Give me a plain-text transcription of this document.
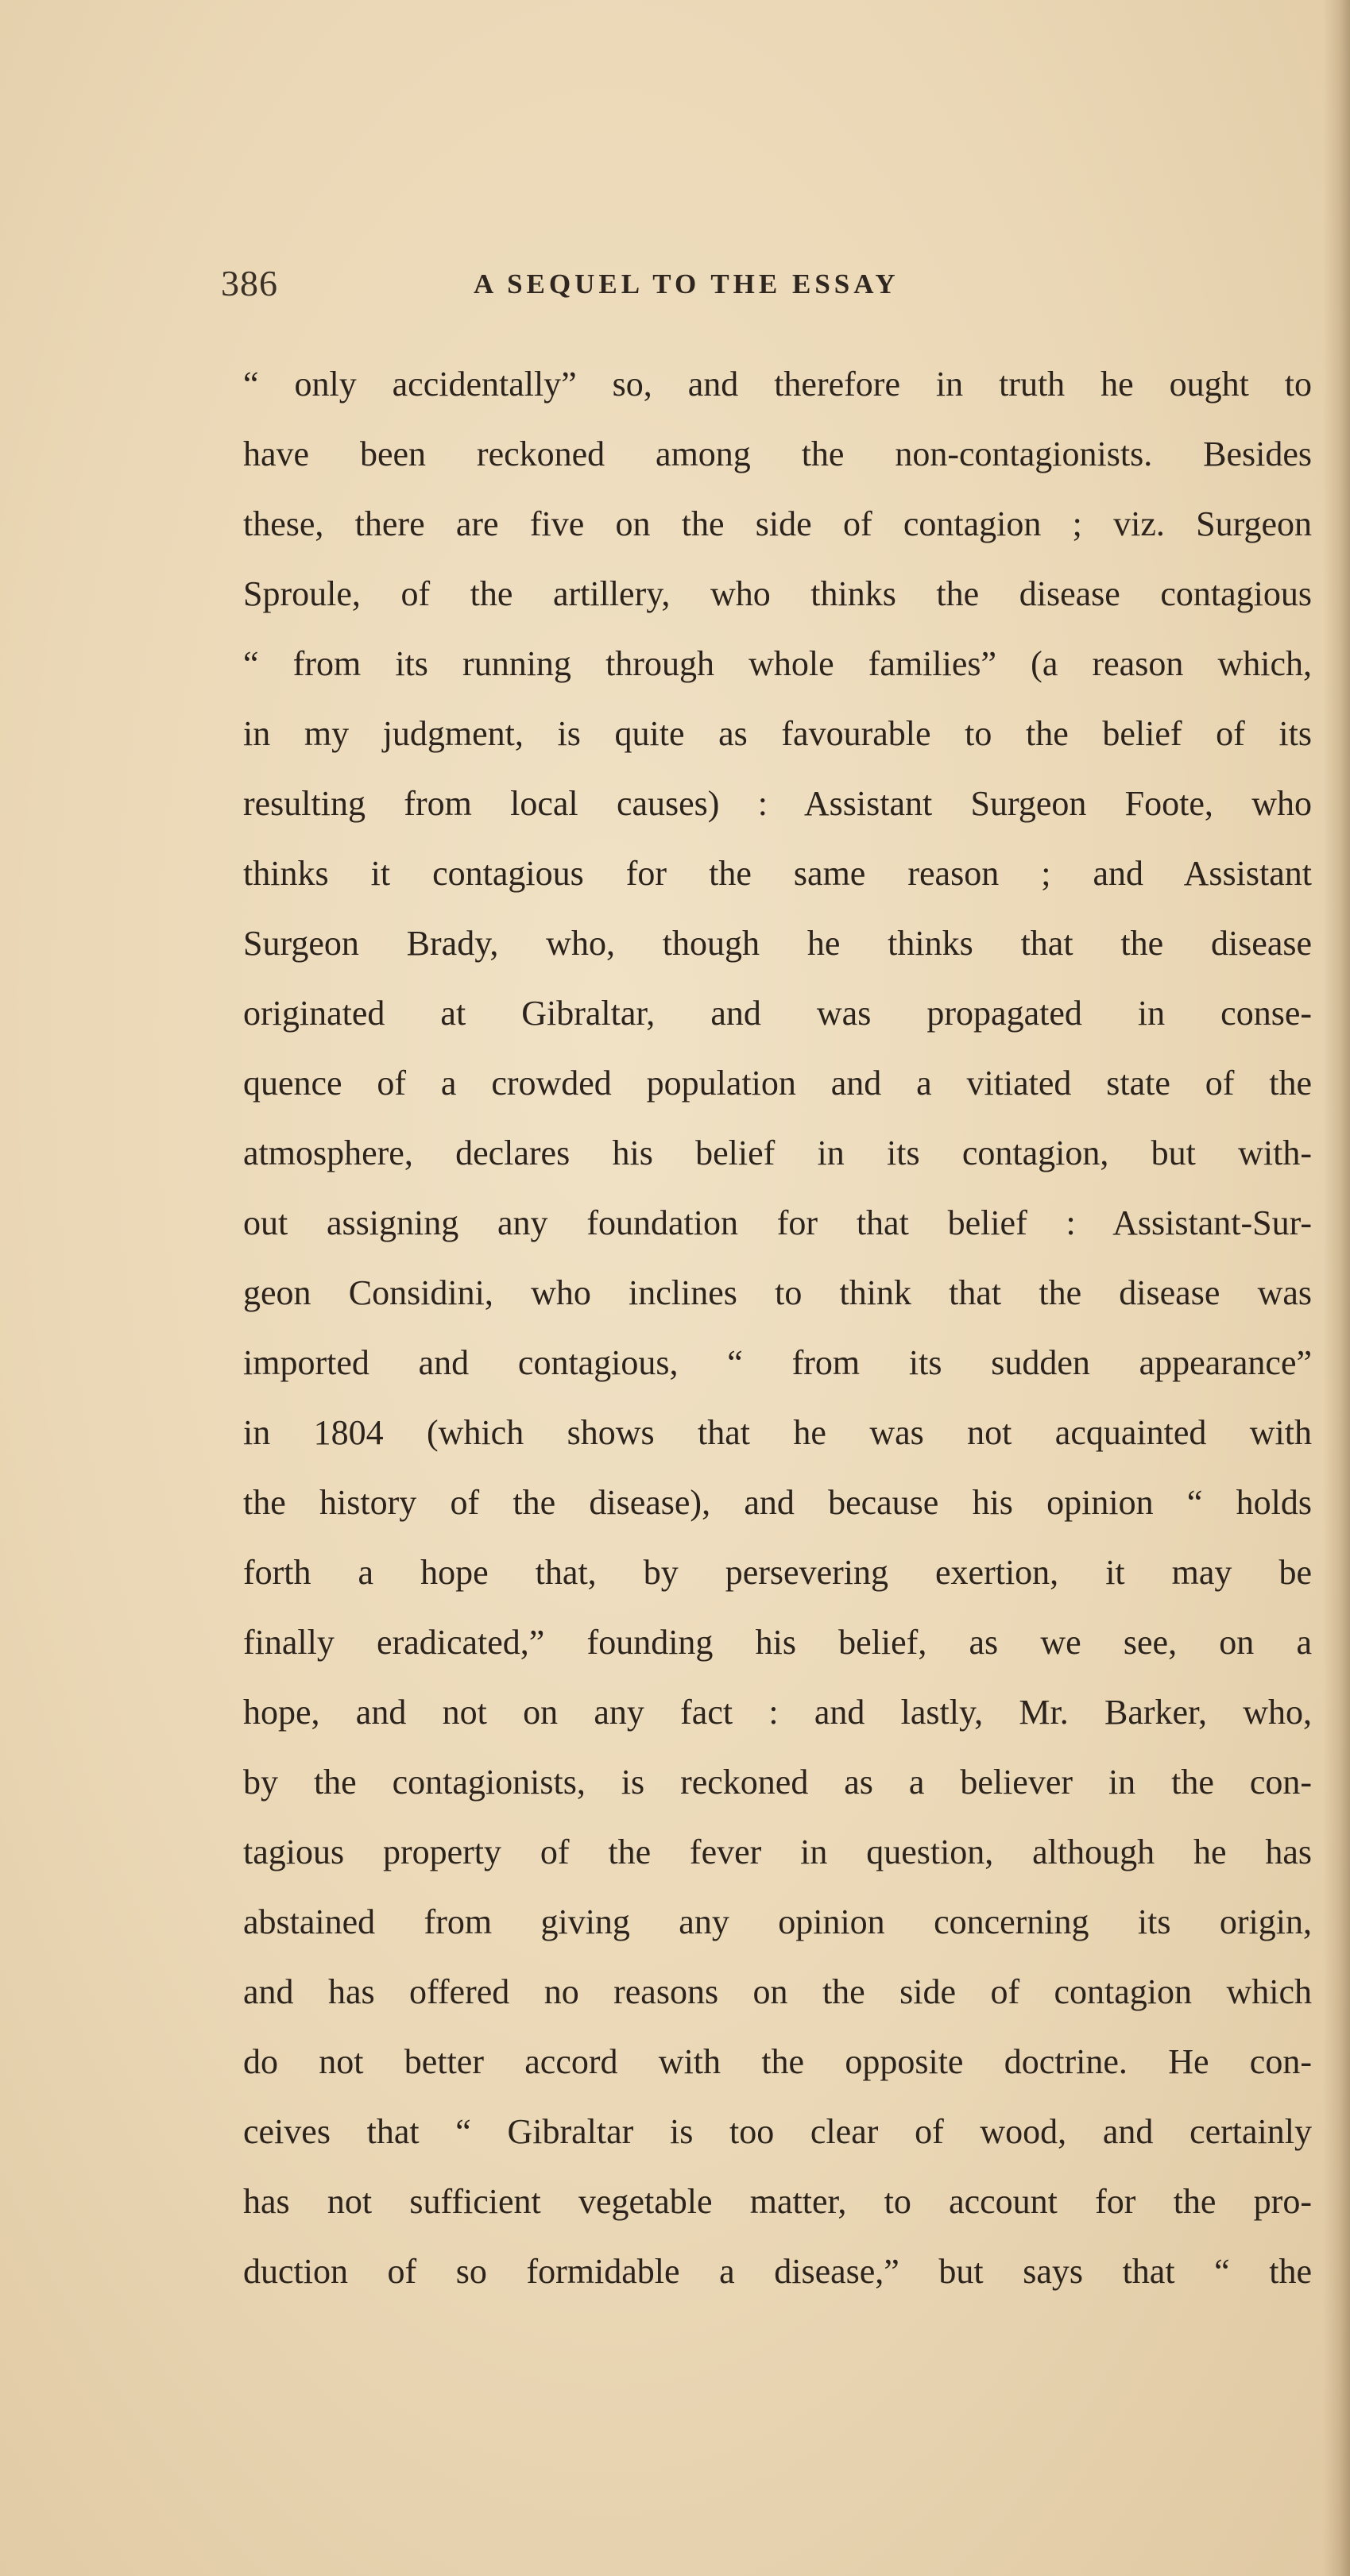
386	A SEQUEL TO THE ESSAY
“ only accidentally” so, and therefore in truth he ought to
have been reckoned among the non-contagionists. Besides
these, there are five on the side of contagion ; viz. Surgeon
Sproule, of the artillery, who thinks the disease contagious
“ from its running through whole families” (a reason which,
in my judgment, is quite as favourable to the belief of its
resulting from local causes) : Assistant Surgeon Foote, who
thinks it contagious for the same reason ; and Assistant
Surgeon Brady, who, though he thinks that the disease
originated at Gibraltar, and was propagated in conse-
quence of a crowded population and a vitiated state of the
atmosphere, declares his belief in its contagion, but with-
out assigning any foundation for that belief : Assistant-Sur-
geon Considini, who inclines to think that the disease was
imported and contagious, “ from its sudden appearance”
in 1804 (which shows that he was not acquainted with
the history of the disease), and because his opinion “ holds
forth a hope that, by persevering exertion, it may be
finally eradicated,” founding his belief, as we see, on a
hope, and not on any fact : and lastly, Mr. Barker, who,
by the contagionists, is reckoned as a believer in the con-
tagious property of the fever in question, although he has
abstained from giving any opinion concerning its origin,
and has offered no reasons on the side of contagion which
do not better accord with the opposite doctrine. He con-
ceives that “ Gibraltar is too clear of wood, and certainly
has not sufficient vegetable matter, to account for the pro-
duction of so formidable a disease,” but says that “ the
